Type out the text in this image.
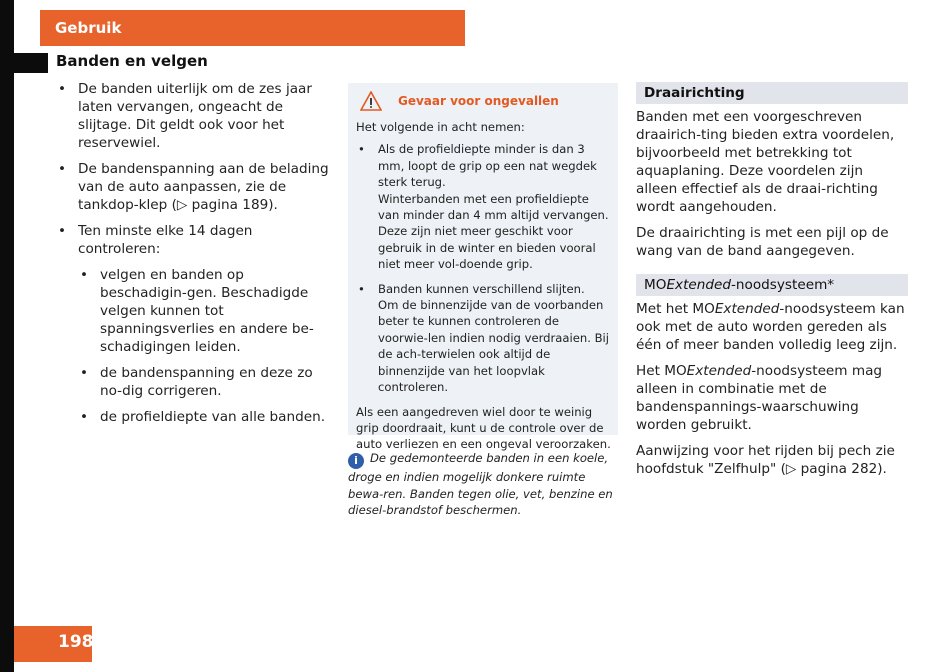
Gebruik
Banden en velgen
• De banden uiterlijk om de zes jaar laten vervangen, ongeacht de slijtage. Dit geldt ook voor het reservewiel.
• De bandenspanning aan de belading van de auto aanpassen, zie de tankdop-klep (▷ pagina 189).
• Ten minste elke 14 dagen controleren:
• velgen en banden op beschadigin-gen. Beschadigde velgen kunnen tot spanningsverlies en andere be-schadigingen leiden.
• de bandenspanning en deze zo no-dig corrigeren.
• de profieldiepte van alle banden.
Gevaar voor ongevallen

Het volgende in acht nemen:

• Als de profieldiepte minder is dan 3 mm, loopt de grip op een nat wegdek sterk terug.
Winterbanden met een profieldiepte van minder dan 4 mm altijd vervangen. Deze zijn niet meer geschikt voor gebruik in de winter en bieden vooral niet meer vol-doende grip.
• Banden kunnen verschillend slijten.
Om de binnenzijde van de voorbanden beter te kunnen controleren de voorwie-len indien nodig verdraaien. Bij de ach-terwielen ook altijd de binnenzijde van het loopvlak controleren.

Als een aangedreven wiel door te weinig grip doordraait, kunt u de controle over de auto verliezen en een ongeval veroorzaken.

i De gedemonteerde banden in een koele, droge en indien mogelijk donkere ruimte bewa-ren. Banden tegen olie, vet, benzine en diesel-brandstof beschermen.
Draairichting

Banden met een voorgeschreven draairich-ting bieden extra voordelen, bijvoorbeeld met betrekking tot aquaplaning. Deze voordelen zijn alleen effectief als de draai-richting wordt aangehouden.

De draairichting is met een pijl op de wang van de band aangegeven.

MOExtended-noodsysteem*

Met het MOExtended-noodsysteem kan ook met de auto worden gereden als één of meer banden volledig leeg zijn.

Het MOExtended-noodsysteem mag alleen in combinatie met de bandenspannings-waarschuwing worden gebruikt.

Aanwijzing voor het rijden bij pech zie hoofdstuk "Zelfhulp" (▷ pagina 282).

198
